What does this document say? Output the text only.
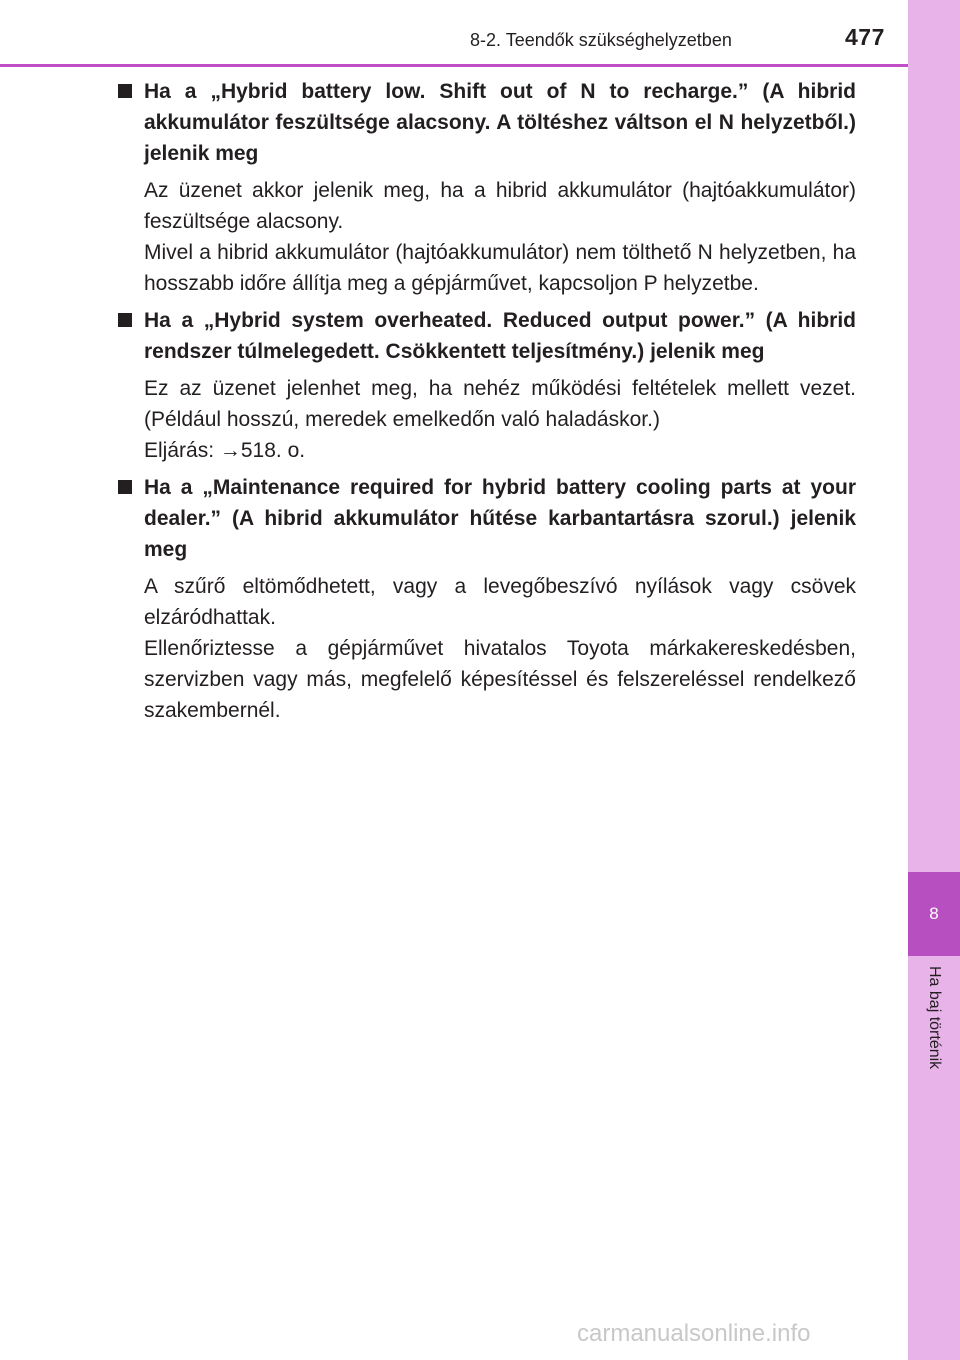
8
Ha baj történik
8-2. Teendők szükséghelyzetben	477
Ha a „Hybrid battery low. Shift out of N to recharge.” (A hibrid akkumulátor feszültsége alacsony. A töltéshez váltson el N helyzetből.) jelenik meg

Az üzenet akkor jelenik meg, ha a hibrid akkumulátor (hajtóakkumulátor) feszültsége alacsony.

Mivel a hibrid akkumulátor (hajtóakkumulátor) nem tölthető N helyzetben, ha hosszabb időre állítja meg a gépjárművet, kapcsoljon P helyzetbe.

Ha a „Hybrid system overheated. Reduced output power.” (A hibrid rendszer túlmelegedett. Csökkentett teljesítmény.) jelenik meg

Ez az üzenet jelenhet meg, ha nehéz működési feltételek mellett vezet. (Például hosszú, meredek emelkedőn való haladáskor.)

Eljárás: →518. o.

Ha a „Maintenance required for hybrid battery cooling parts at your dealer.” (A hibrid akkumulátor hűtése karbantartásra szorul.) jelenik meg

A szűrő eltömődhetett, vagy a levegőbeszívó nyílások vagy csövek elzáródhattak.

Ellenőriztesse a gépjárművet hivatalos Toyota márkakereskedésben, szervizben vagy más, megfelelő képesítéssel és felszereléssel rendelkező szakembernél.

carmanualsonline.info
